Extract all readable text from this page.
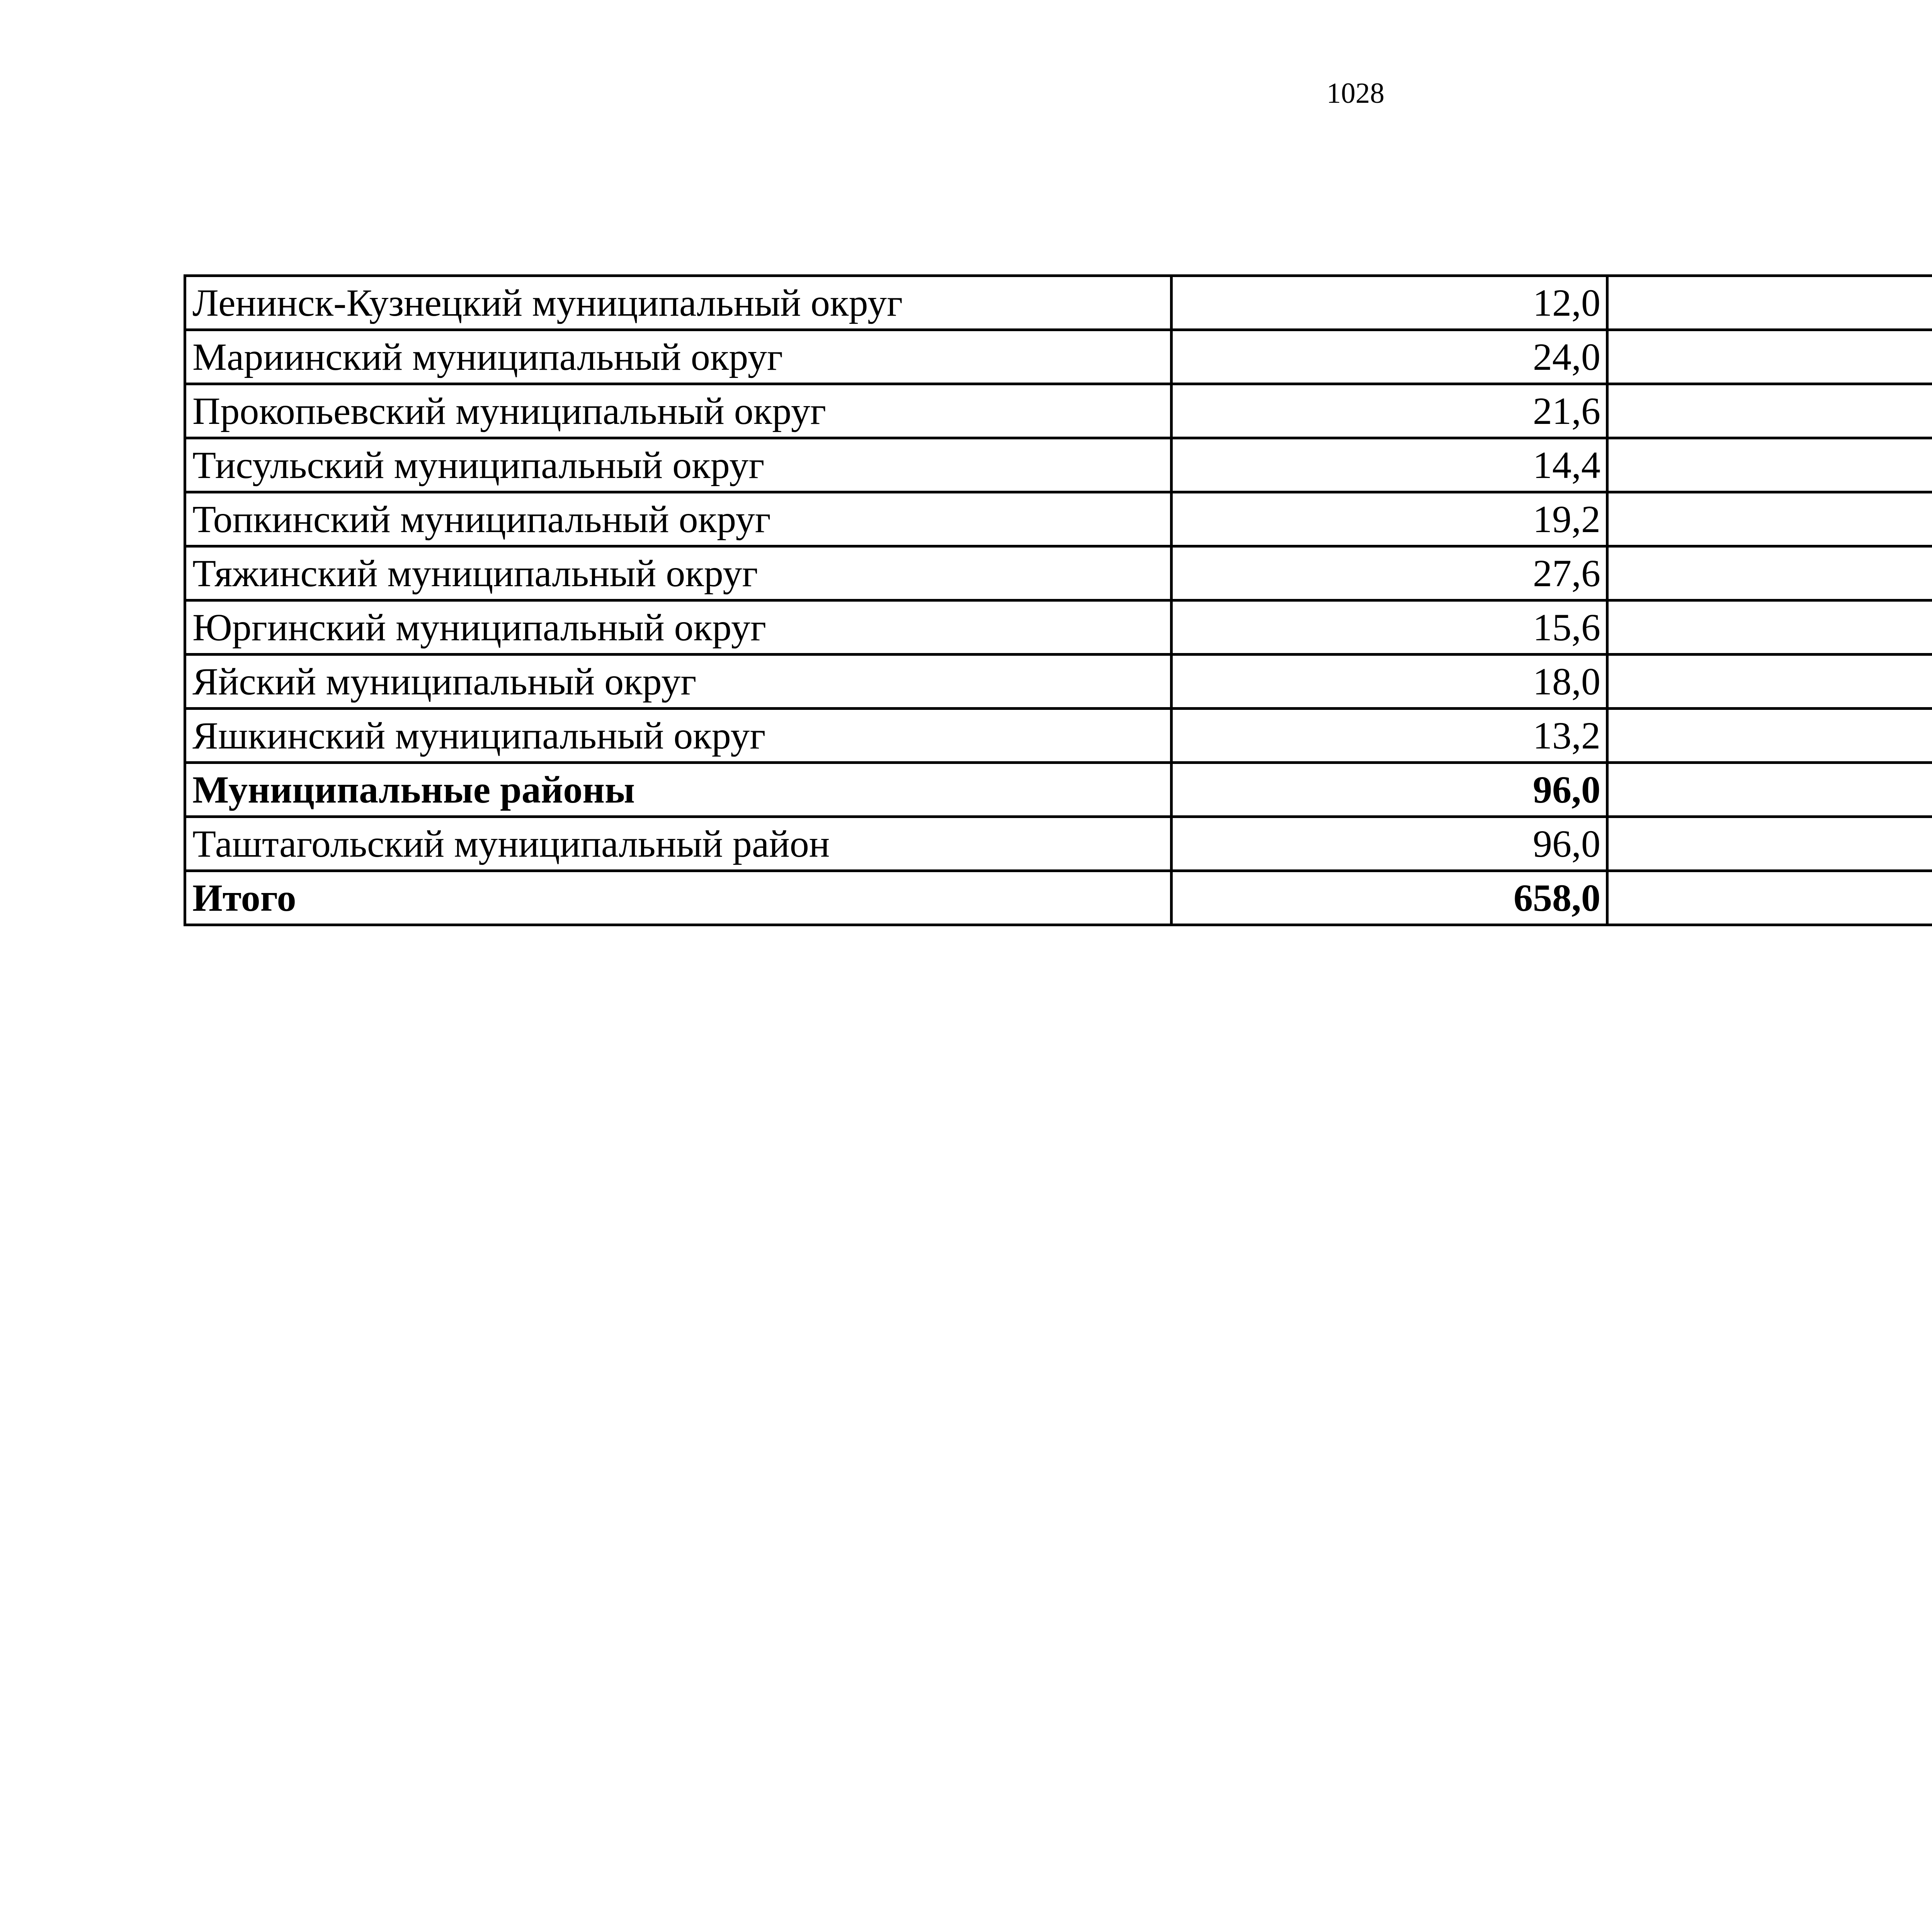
1028
Ленинск-Кузнецкий муниципальный округ	12,0		
Мариинский муниципальный округ	24,0		
Прокопьевский муниципальный округ	21,6		
Тисульский муниципальный округ	14,4		
Топкинский муниципальный округ	19,2		
Тяжинский муниципальный округ	27,6		
Юргинский муниципальный округ	15,6		
Яйский муниципальный округ	18,0		
Яшкинский муниципальный округ	13,2		
Муниципальные районы	96,0		
Таштагольский муниципальный район	96,0		
Итого	658,0		
